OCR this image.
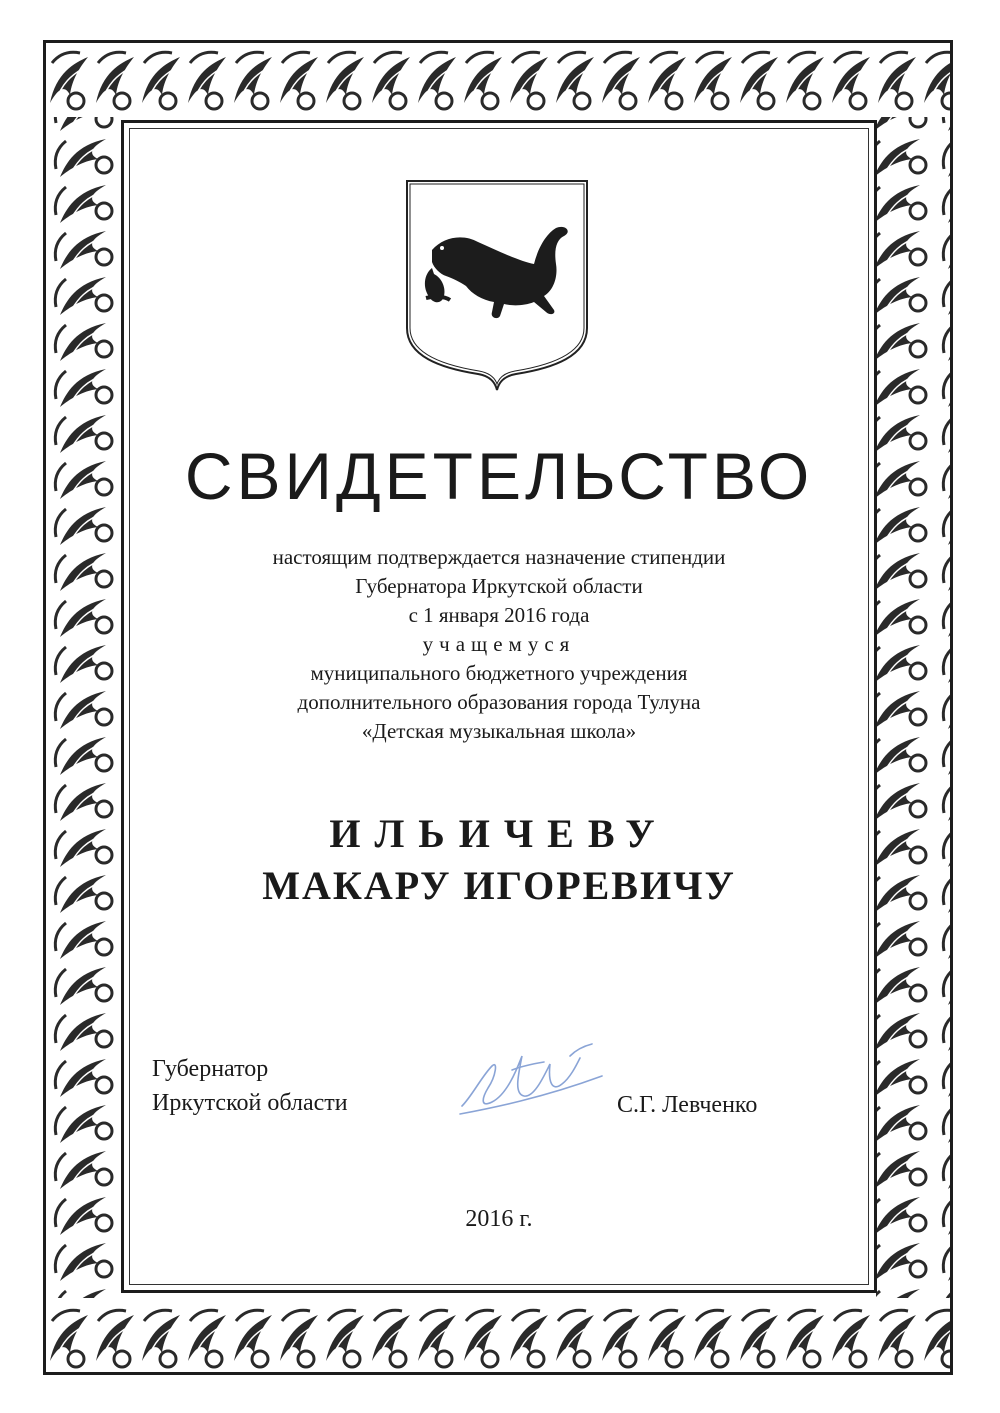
СВИДЕТЕЛЬСТВО
настоящим подтверждается назначение стипендии
Губернатора Иркутской области
с 1 января 2016 года
учащемуся
муниципального бюджетного учреждения
дополнительного образования города Тулуна
«Детская музыкальная школа»
ИЛЬИЧЕВУ
МАКАРУ ИГОРЕВИЧУ
Губернатор
Иркутской области	С.Г. Левченко
2016 г.
